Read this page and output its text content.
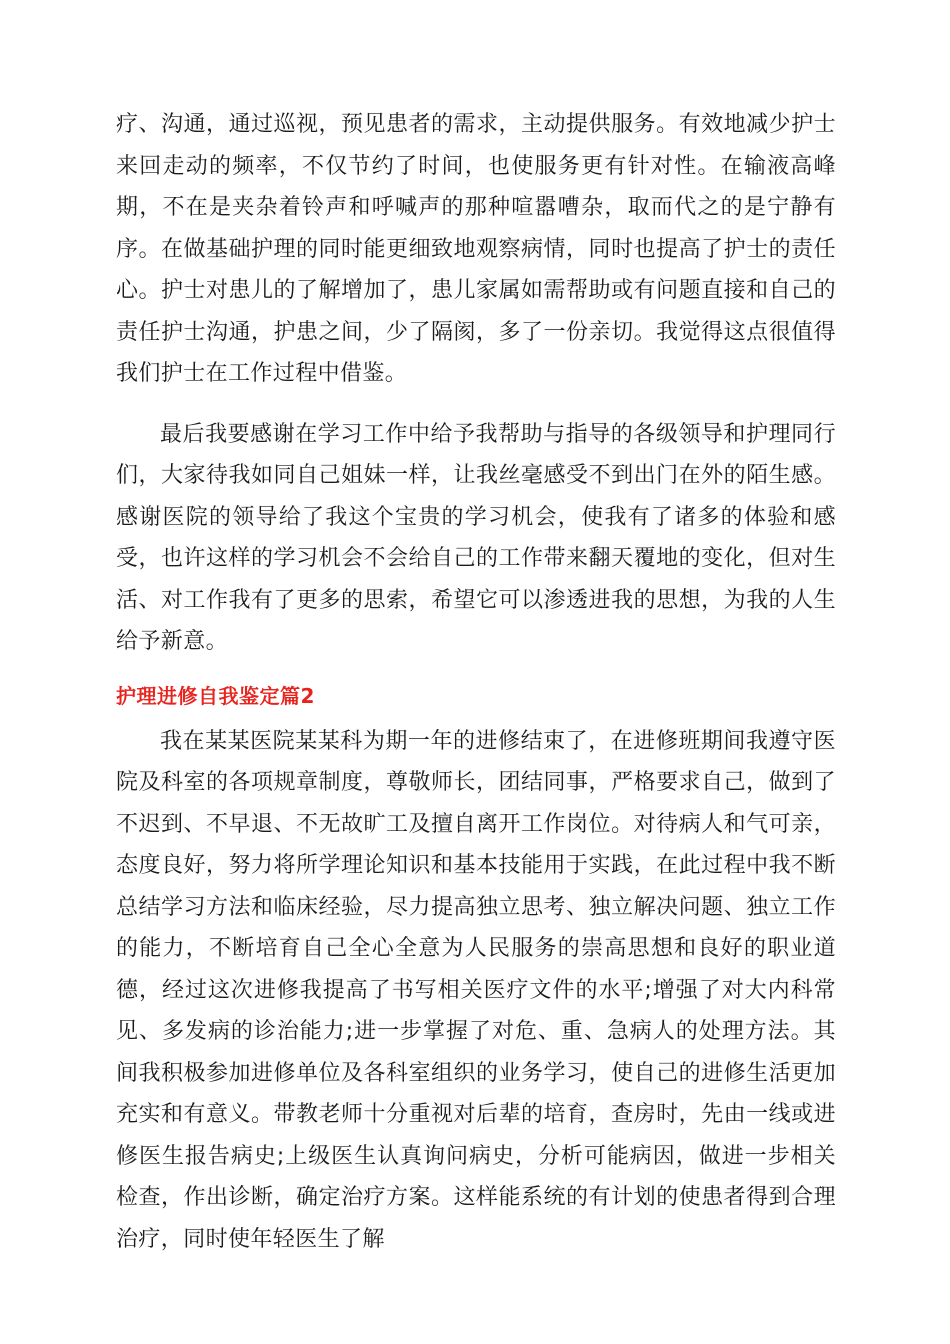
疗、沟通，通过巡视，预见患者的需求，主动提供服务。有效地减少护士来回走动的频率，不仅节约了时间，也使服务更有针对性。在输液高峰期，不在是夹杂着铃声和呼喊声的那种喧嚣嘈杂，取而代之的是宁静有序。在做基础护理的同时能更细致地观察病情，同时也提高了护士的责任心。护士对患儿的了解增加了，患儿家属如需帮助或有问题直接和自己的责任护士沟通，护患之间，少了隔阂，多了一份亲切。我觉得这点很值得我们护士在工作过程中借鉴。

最后我要感谢在学习工作中给予我帮助与指导的各级领导和护理同行们，大家待我如同自己姐妹一样，让我丝毫感受不到出门在外的陌生感。感谢医院的领导给了我这个宝贵的学习机会，使我有了诸多的体验和感受，也许这样的学习机会不会给自己的工作带来翻天覆地的变化，但对生活、对工作我有了更多的思索，希望它可以渗透进我的思想，为我的人生给予新意。

护理进修自我鉴定篇2

我在某某医院某某科为期一年的进修结束了，在进修班期间我遵守医院及科室的各项规章制度，尊敬师长，团结同事，严格要求自己，做到了不迟到、不早退、不无故旷工及擅自离开工作岗位。对待病人和气可亲，态度良好，努力将所学理论知识和基本技能用于实践，在此过程中我不断总结学习方法和临床经验，尽力提高独立思考、独立解决问题、独立工作的能力，不断培育自己全心全意为人民服务的崇高思想和良好的职业道德，经过这次进修我提高了书写相关医疗文件的水平;增强了对大内科常见、多发病的诊治能力;进一步掌握了对危、重、急病人的处理方法。其间我积极参加进修单位及各科室组织的业务学习，使自己的进修生活更加充实和有意义。带教老师十分重视对后辈的培育，查房时，先由一线或进修医生报告病史;上级医生认真询问病史，分析可能病因，做进一步相关检查，作出诊断，确定治疗方案。这样能系统的有计划的使患者得到合理治疗，同时使年轻医生了解
